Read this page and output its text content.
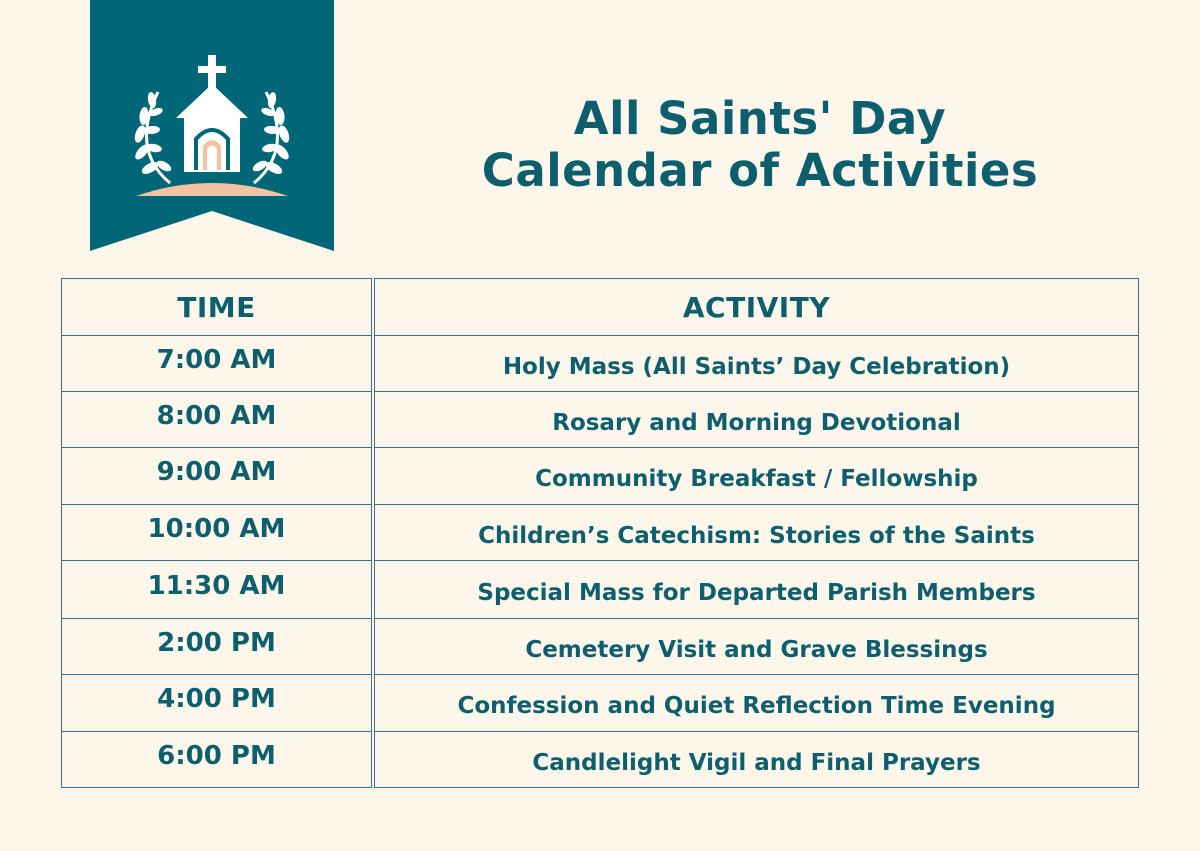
All Saints' Day
Calendar of Activities
TIME
7:00 AM
8:00 AM
9:00 AM
10:00 AM
11:30 AM
2:00 PM
4:00 PM
6:00 PM
ACTIVITY
Holy Mass (All Saints’ Day Celebration)
Rosary and Morning Devotional
Community Breakfast / Fellowship
Children’s Catechism: Stories of the Saints
Special Mass for Departed Parish Members
Cemetery Visit and Grave Blessings
Confession and Quiet Reflection Time Evening
Candlelight Vigil and Final Prayers
